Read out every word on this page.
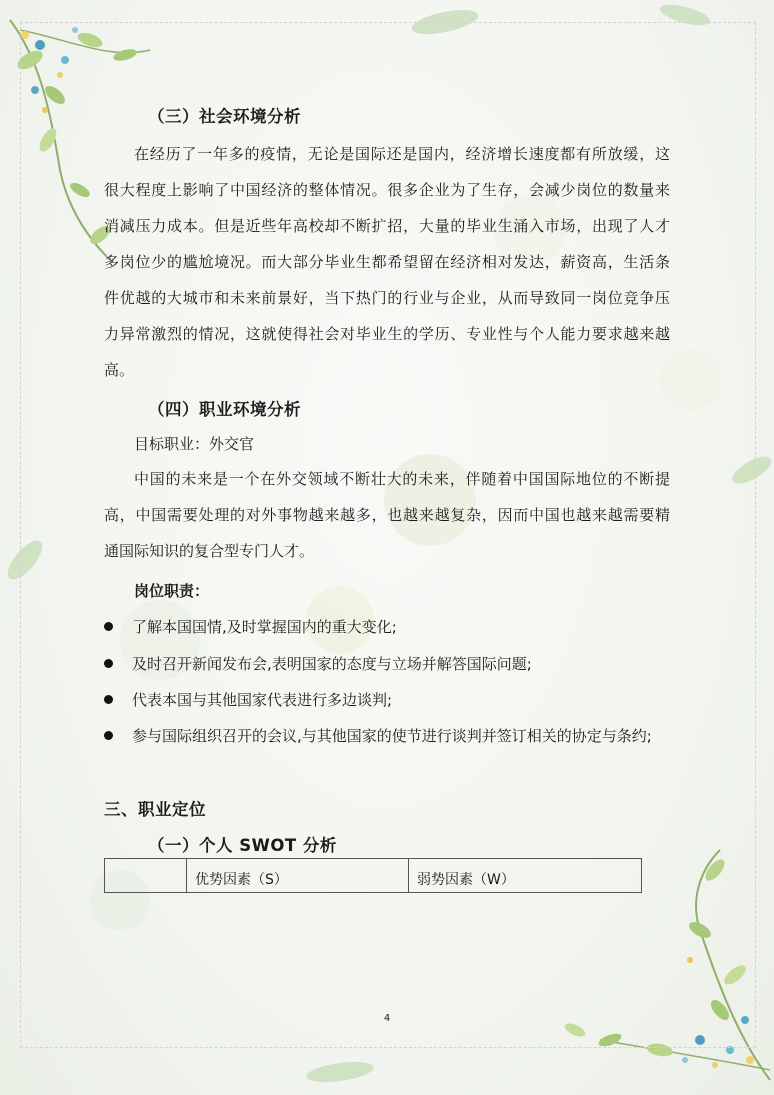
（三）社会环境分析
在经历了一年多的疫情，无论是国际还是国内，经济增长速度都有所放缓，这
很大程度上影响了中国经济的整体情况。很多企业为了生存，会减少岗位的数量来
消减压力成本。但是近些年高校却不断扩招，大量的毕业生涌入市场，出现了人才
多岗位少的尴尬境况。而大部分毕业生都希望留在经济相对发达，薪资高，生活条
件优越的大城市和未来前景好，当下热门的行业与企业，从而导致同一岗位竞争压
力异常激烈的情况，这就使得社会对毕业生的学历、专业性与个人能力要求越来越
高。
（四）职业环境分析
目标职业：外交官
中国的未来是一个在外交领域不断壮大的未来，伴随着中国国际地位的不断提
高，中国需要处理的对外事物越来越多，也越来越复杂，因而中国也越来越需要精
通国际知识的复合型专门人才。
岗位职责：
了解本国国情,及时掌握国内的重大变化;
及时召开新闻发布会,表明国家的态度与立场并解答国际问题;
代表本国与其他国家代表进行多边谈判;
参与国际组织召开的会议,与其他国家的使节进行谈判并签订相关的协定与条约;
三、职业定位
（一）个人 SWOT 分析
	优势因素（S）	弱势因素（W）
4
